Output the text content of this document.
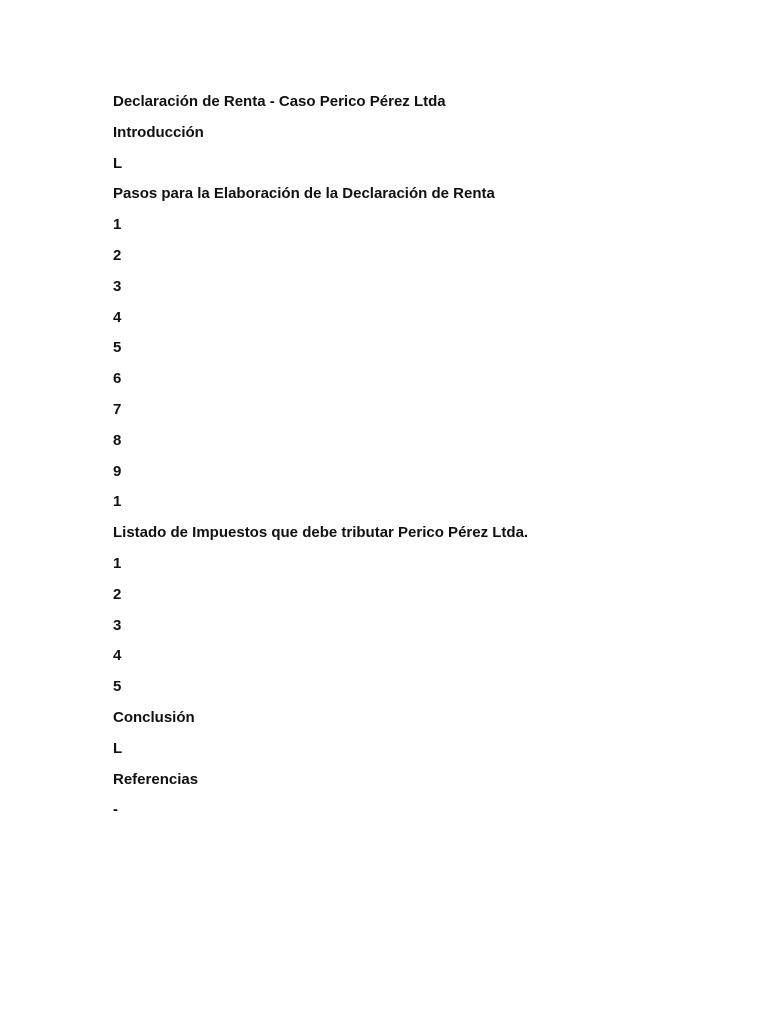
Declaración de Renta - Caso Perico Pérez Ltda
Introducción
L
Pasos para la Elaboración de la Declaración de Renta
1
2
3
4
5
6
7
8
9
1
Listado de Impuestos que debe tributar Perico Pérez Ltda.
1
2
3
4
5
Conclusión
L
Referencias
-
